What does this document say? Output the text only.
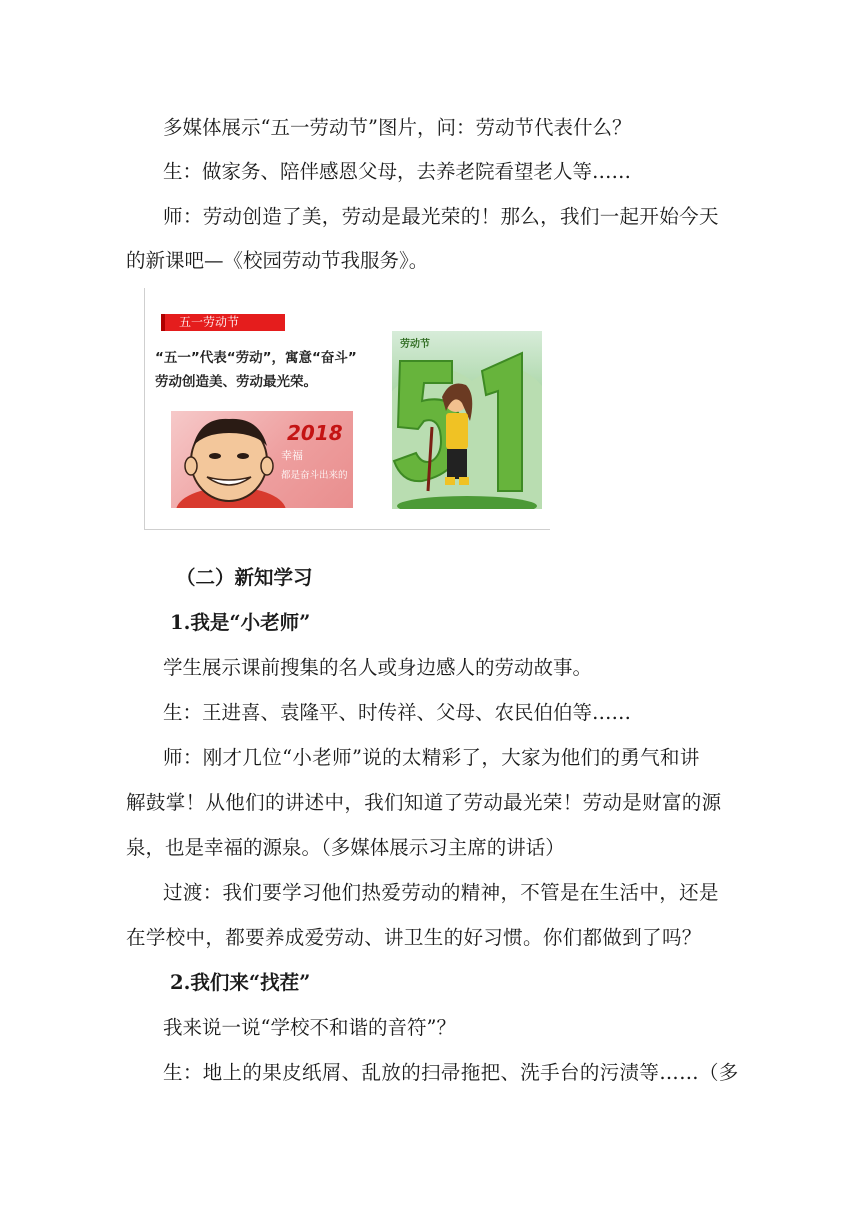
多媒体展示“五一劳动节”图片，问：劳动节代表什么？
生：做家务、陪伴感恩父母，去养老院看望老人等……
师：劳动创造了美，劳动是最光荣的！那么，我们一起开始今天
的新课吧—《校园劳动节我服务》。
五一劳动节
“五一”代表“劳动”，寓意“奋斗”
劳动创造美、劳动最光荣。
2018
幸福
都是奋斗出来的
劳动节
（二）新知学习
1.我是“小老师”
学生展示课前搜集的名人或身边感人的劳动故事。
生：王进喜、袁隆平、时传祥、父母、农民伯伯等……
师：刚才几位“小老师”说的太精彩了，大家为他们的勇气和讲
解鼓掌！从他们的讲述中，我们知道了劳动最光荣！劳动是财富的源
泉，也是幸福的源泉。（多媒体展示习主席的讲话）
过渡：我们要学习他们热爱劳动的精神，不管是在生活中，还是
在学校中，都要养成爱劳动、讲卫生的好习惯。你们都做到了吗？
2.我们来“找茬”
我来说一说“学校不和谐的音符”？
生：地上的果皮纸屑、乱放的扫帚拖把、洗手台的污渍等……（多
